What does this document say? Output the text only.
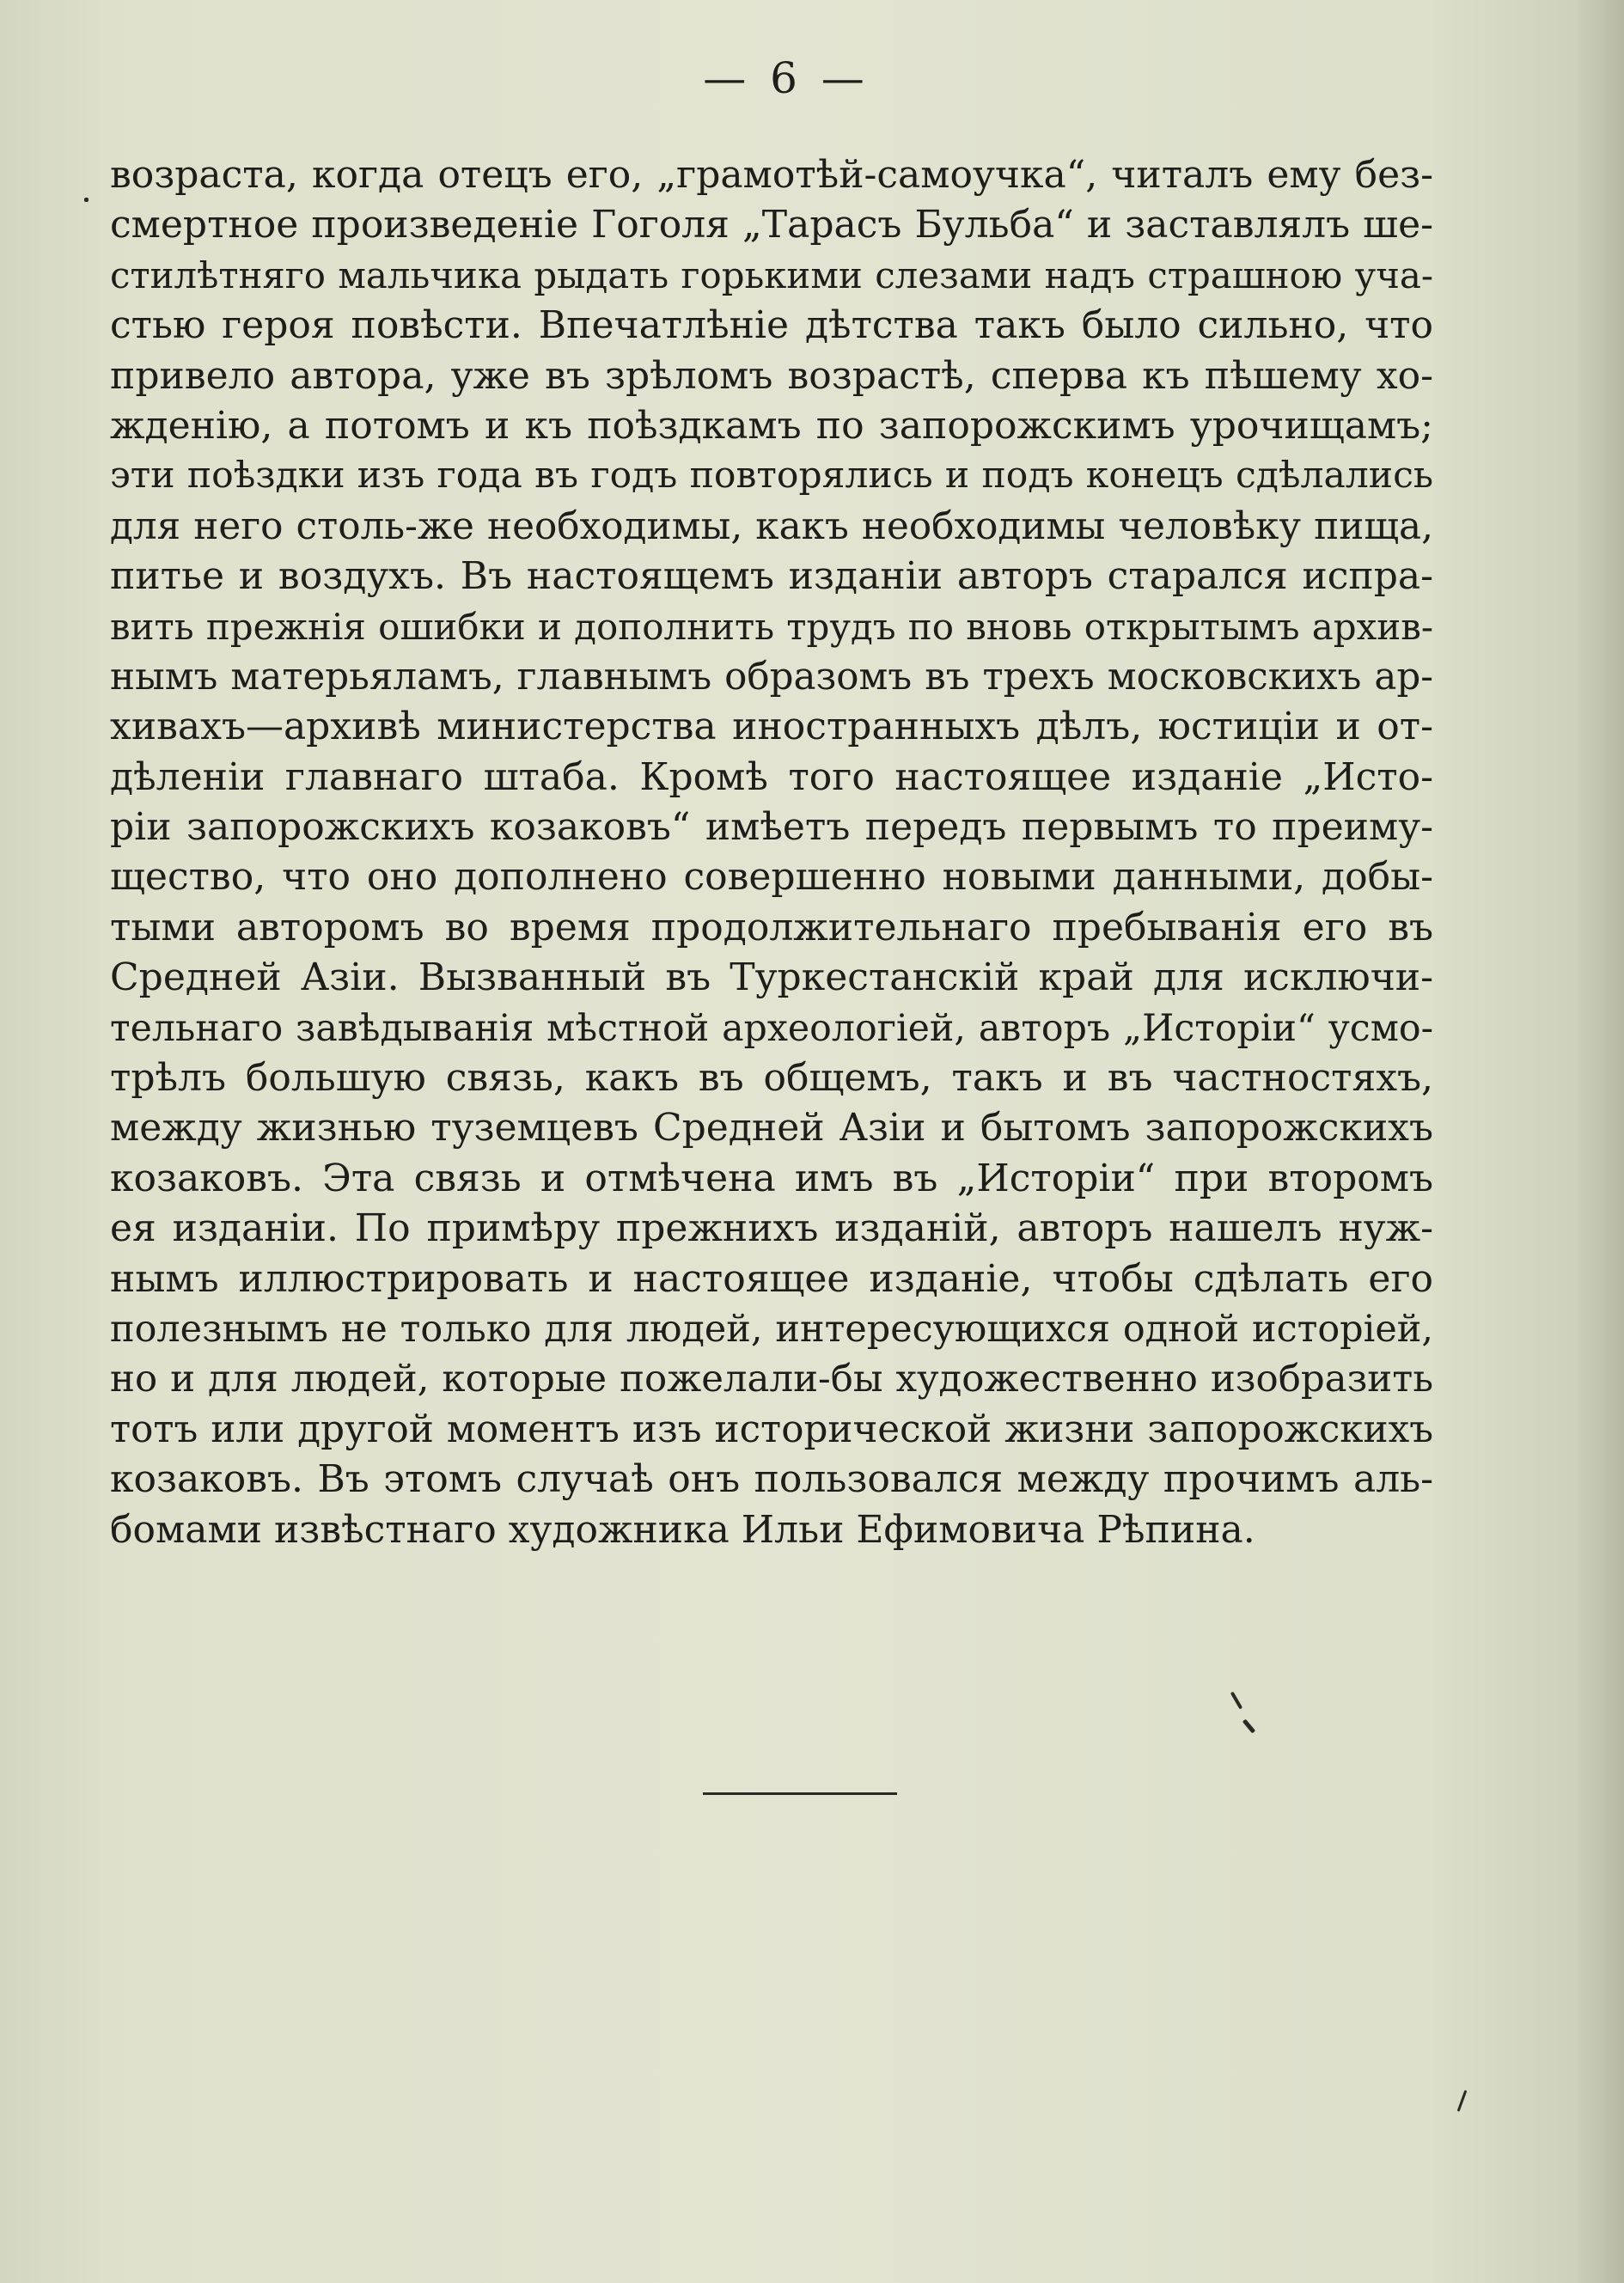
— 6 —
возраста, когда отецъ его, „грамотѣй-самоучка“, читалъ ему без-
смертное произведенiе Гоголя „Тарасъ Бульба“ и заставлялъ ше-
стилѣтняго мальчика рыдать горькими слезами надъ страшною уча-
стью героя повѣсти. Впечатлѣнiе дѣтства такъ было сильно, что
привело автора, уже въ зрѣломъ возрастѣ, сперва къ пѣшему хо-
жденiю, а потомъ и къ поѣздкамъ по запорожскимъ урочищамъ;
эти поѣздки изъ года въ годъ повторялись и подъ конецъ сдѣлались
для него столь-же необходимы, какъ необходимы человѣку пища,
питье и воздухъ. Въ настоящемъ изданiи авторъ старался испра-
вить прежнiя ошибки и дополнить трудъ по вновь открытымъ архив-
нымъ матерьяламъ, главнымъ образомъ въ трехъ московскихъ ар-
хивахъ—архивѣ министерства иностранныхъ дѣлъ, юстицiи и от-
дѣленiи главнаго штаба. Кромѣ того настоящее изданiе „Исто-
рiи запорожскихъ козаковъ“ имѣетъ передъ первымъ то преиму-
щество, что оно дополнено совершенно новыми данными, добы-
тыми авторомъ во время продолжительнаго пребыванiя его въ
Средней Азiи. Вызванный въ Туркестанскiй край для исключи-
тельнаго завѣдыванiя мѣстной археологiей, авторъ „Исторiи“ усмо-
трѣлъ большую связь, какъ въ общемъ, такъ и въ частностяхъ,
между жизнью туземцевъ Средней Азiи и бытомъ запорожскихъ
козаковъ. Эта связь и отмѣчена имъ въ „Исторiи“ при второмъ
ея изданiи. По примѣру прежнихъ изданiй, авторъ нашелъ нуж-
нымъ иллюстрировать и настоящее изданiе, чтобы сдѣлать его
полезнымъ не только для людей, интересующихся одной исторiей,
но и для людей, которые пожелали-бы художественно изобразить
тотъ или другой моментъ изъ исторической жизни запорожскихъ
козаковъ. Въ этомъ случаѣ онъ пользовался между прочимъ аль-
бомами извѣстнаго художника Ильи Ефимовича Рѣпина.
